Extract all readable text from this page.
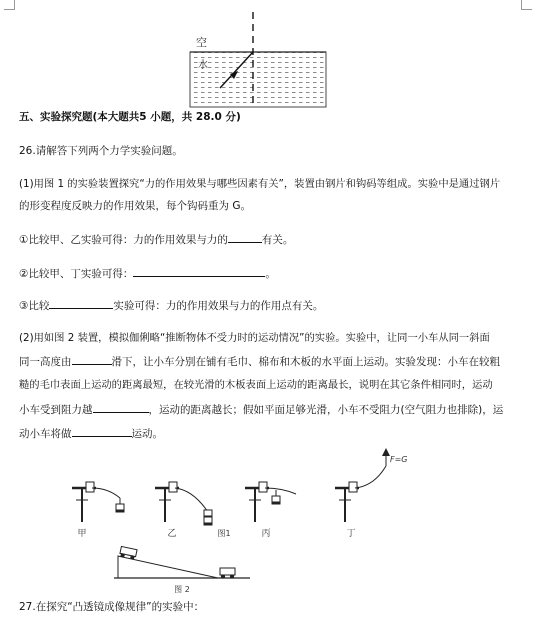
空
水
五、实验探究题(本大题共5 小题，共 28.0 分)
26.请解答下列两个力学实验问题。
(1)用图 1 的实验装置探究“力的作用效果与哪些因素有关”，装置由钢片和钩码等组成。实验中是通过钢片
的形变程度反映力的作用效果，每个钩码重为 G。
①比较甲、乙实验可得：力的作用效果与力的	有关。
②比较甲、丁实验可得：	。
③比较	实验可得：力的作用效果与力的作用点有关。
(2)用如图 2 装置，模拟伽俐略“推断物体不受力时的运动情况”的实验。实验中，让同一小车从同一斜面
同一高度由	滑下，让小车分别在铺有毛巾、棉布和木板的水平面上运动。实验发现：小车在较粗
糙的毛巾表面上运动的距离最短，在较光滑的木板表面上运动的距离最长，说明在其它条件相同时，运动
小车受到阻力越	，运动的距离越长；假如平面足够光滑，小车不受阻力(空气阻力也排除)，运
动小车将做	运动。
甲	乙	图1	丙	丁
F=G
图 2
27.在探究“凸透镜成像规律”的实验中：
